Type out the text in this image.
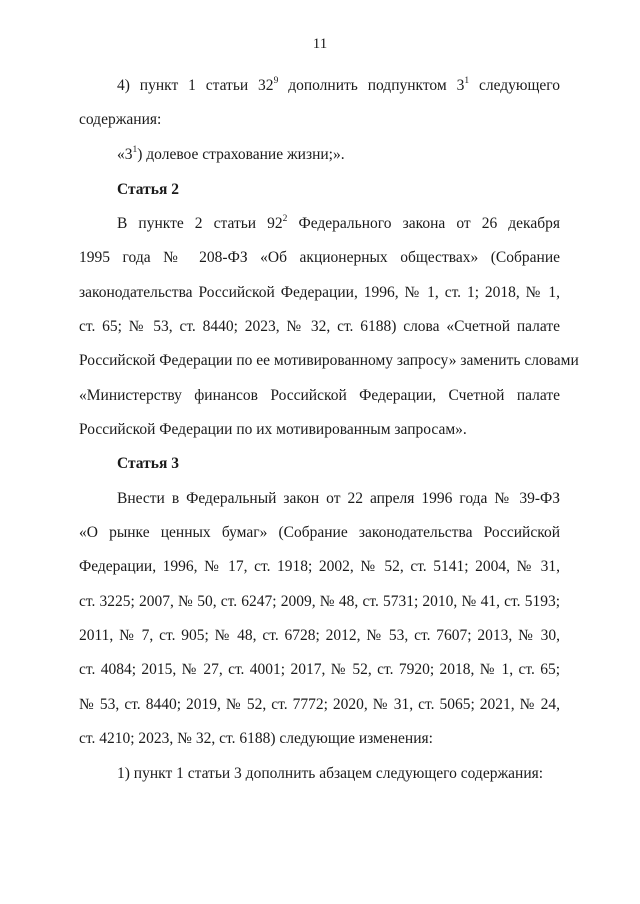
11
4) пункт 1 статьи $32^9$ дополнить подпунктом $3^1$ следующего
содержания:
«$3^1$) долевое страхование жизни;».
Статья 2
В пункте 2 статьи $92^2$ Федерального закона от 26 декабря
1995 года № 208-ФЗ «Об акционерных обществах» (Собрание
законодательства Российской Федерации, 1996, № 1, ст. 1; 2018, № 1,
ст. 65; № 53, ст. 8440; 2023, № 32, ст. 6188) слова «Счетной палате
Российской Федерации по ее мотивированному запросу» заменить словами
«Министерству финансов Российской Федерации, Счетной палате
Российской Федерации по их мотивированным запросам».
Статья 3
Внести в Федеральный закон от 22 апреля 1996 года № 39-ФЗ
«О рынке ценных бумаг» (Собрание законодательства Российской
Федерации, 1996, № 17, ст. 1918; 2002, № 52, ст. 5141; 2004, № 31,
ст. 3225; 2007, № 50, ст. 6247; 2009, № 48, ст. 5731; 2010, № 41, ст. 5193;
2011, № 7, ст. 905; № 48, ст. 6728; 2012, № 53, ст. 7607; 2013, № 30,
ст. 4084; 2015, № 27, ст. 4001; 2017, № 52, ст. 7920; 2018, № 1, ст. 65;
№ 53, ст. 8440; 2019, № 52, ст. 7772; 2020, № 31, ст. 5065; 2021, № 24,
ст. 4210; 2023, № 32, ст. 6188) следующие изменения:
1) пункт 1 статьи 3 дополнить абзацем следующего содержания:
